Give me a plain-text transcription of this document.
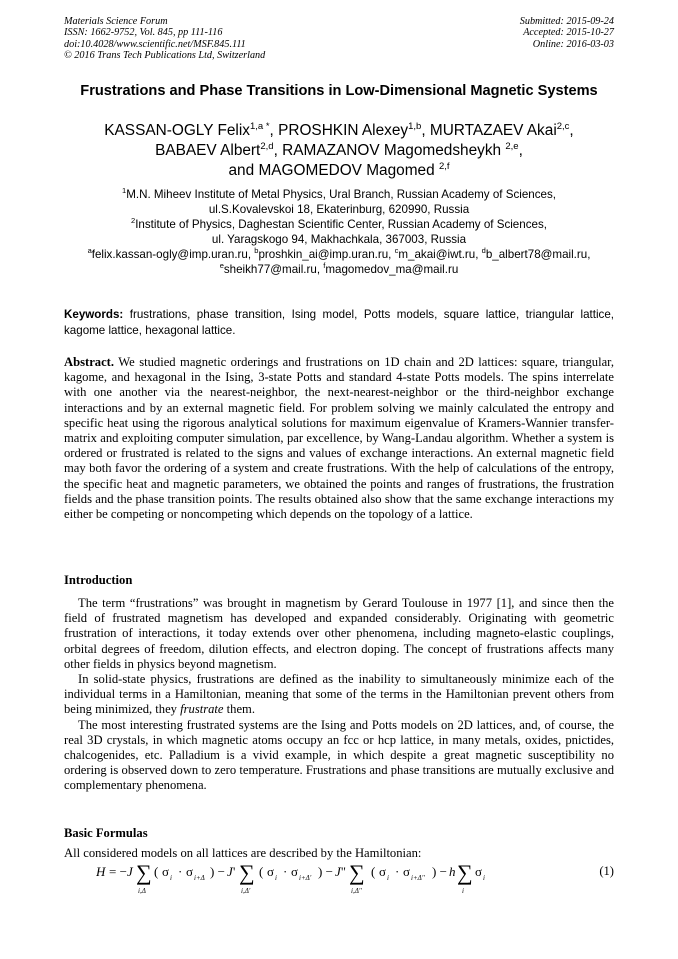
Materials Science Forum
ISSN: 1662-9752, Vol. 845, pp 111-116
doi:10.4028/www.scientific.net/MSF.845.111
© 2016 Trans Tech Publications Ltd, Switzerland
Submitted: 2015-09-24
Accepted: 2015-10-27
Online: 2016-03-03
Frustrations and Phase Transitions in Low-Dimensional Magnetic Systems
KASSAN-OGLY Felix$^{1,a *}$, PROSHKIN Alexey$^{1,b}$, MURTAZAEV Akai$^{2,c}$,
BABAEV Albert$^{2,d}$, RAMAZANOV Magomedsheykh $^{2,e}$,
and MAGOMEDOV Magomed $^{2,f}$
$^1$M.N. Miheev Institute of Metal Physics, Ural Branch, Russian Academy of Sciences,
ul.S.Kovalevskoi 18, Ekaterinburg, 620990, Russia
$^2$Institute of Physics, Daghestan Scientific Center, Russian Academy of Sciences,
ul. Yaragskogo 94, Makhachkala, 367003, Russia
$^a$felix.kassan-ogly@imp.uran.ru, $^b$proshkin_ai@imp.uran.ru, $^c$m_akai@iwt.ru, $^d$b_albert78@mail.ru,
$^e$sheikh77@mail.ru, $^f$magomedov_ma@mail.ru
Keywords: frustrations, phase transition, Ising model, Potts models, square lattice, triangular lattice, kagome lattice, hexagonal lattice.
Abstract. We studied magnetic orderings and frustrations on 1D chain and 2D lattices: square, triangular, kagome, and hexagonal in the Ising, 3-state Potts and standard 4-state Potts models. The spins interrelate with one another via the nearest-neighbor, the next-nearest-neighbor or the third-neighbor exchange interactions and by an external magnetic field. For problem solving we mainly calculated the entropy and specific heat using the rigorous analytical solutions for maximum eigenvalue of Kramers-Wannier transfer-matrix and exploiting computer simulation, par excellence, by Wang-Landau algorithm. Whether a system is ordered or frustrated is related to the signs and values of exchange interactions. An external magnetic field may both favor the ordering of a system and create frustrations. With the help of calculations of the entropy, the specific heat and magnetic parameters, we obtained the points and ranges of frustrations, the frustration fields and the phase transition points. The results obtained also show that the same exchange interactions my either be competing or noncompeting which depends on the topology of a lattice.
Introduction

The term “frustrations” was brought in magnetism by Gerard Toulouse in 1977 [1], and since then the field of frustrated magnetism has developed and expanded considerably. Originating with geometric frustration of interactions, it today extends over other phenomena, including magneto-elastic couplings, orbital degrees of freedom, dilution effects, and electron doping. The concept of frustrations affects many other fields in physics beyond magnetism.

In solid-state physics, frustrations are defined as the inability to simultaneously minimize each of the individual terms in a Hamiltonian, meaning that some of the terms in the Hamiltonian prevent others from being minimized, they frustrate them.

The most interesting frustrated systems are the Ising and Potts models on 2D lattices, and, of course, the real 3D crystals, in which magnetic atoms occupy an fcc or hcp lattice, in many metals, oxides, pnictides, chalcogenides, etc. Palladium is a vivid example, in which despite a great magnetic susceptibility no ordering is observed down to zero temperature. Frustrations and phase transitions are mutually exclusive and complementary phenomena.

Basic Formulas
All considered models on all lattices are described by the Hamiltonian:
H = − J ∑
i,Δ
( σ i · σ i+Δ ) − J ' ∑
i,Δ'
( σ i · σ i+Δ' ) − J '' ∑
i,Δ''
( σ i · σ i+Δ'' ) − h ∑
i
σ i	(1)
